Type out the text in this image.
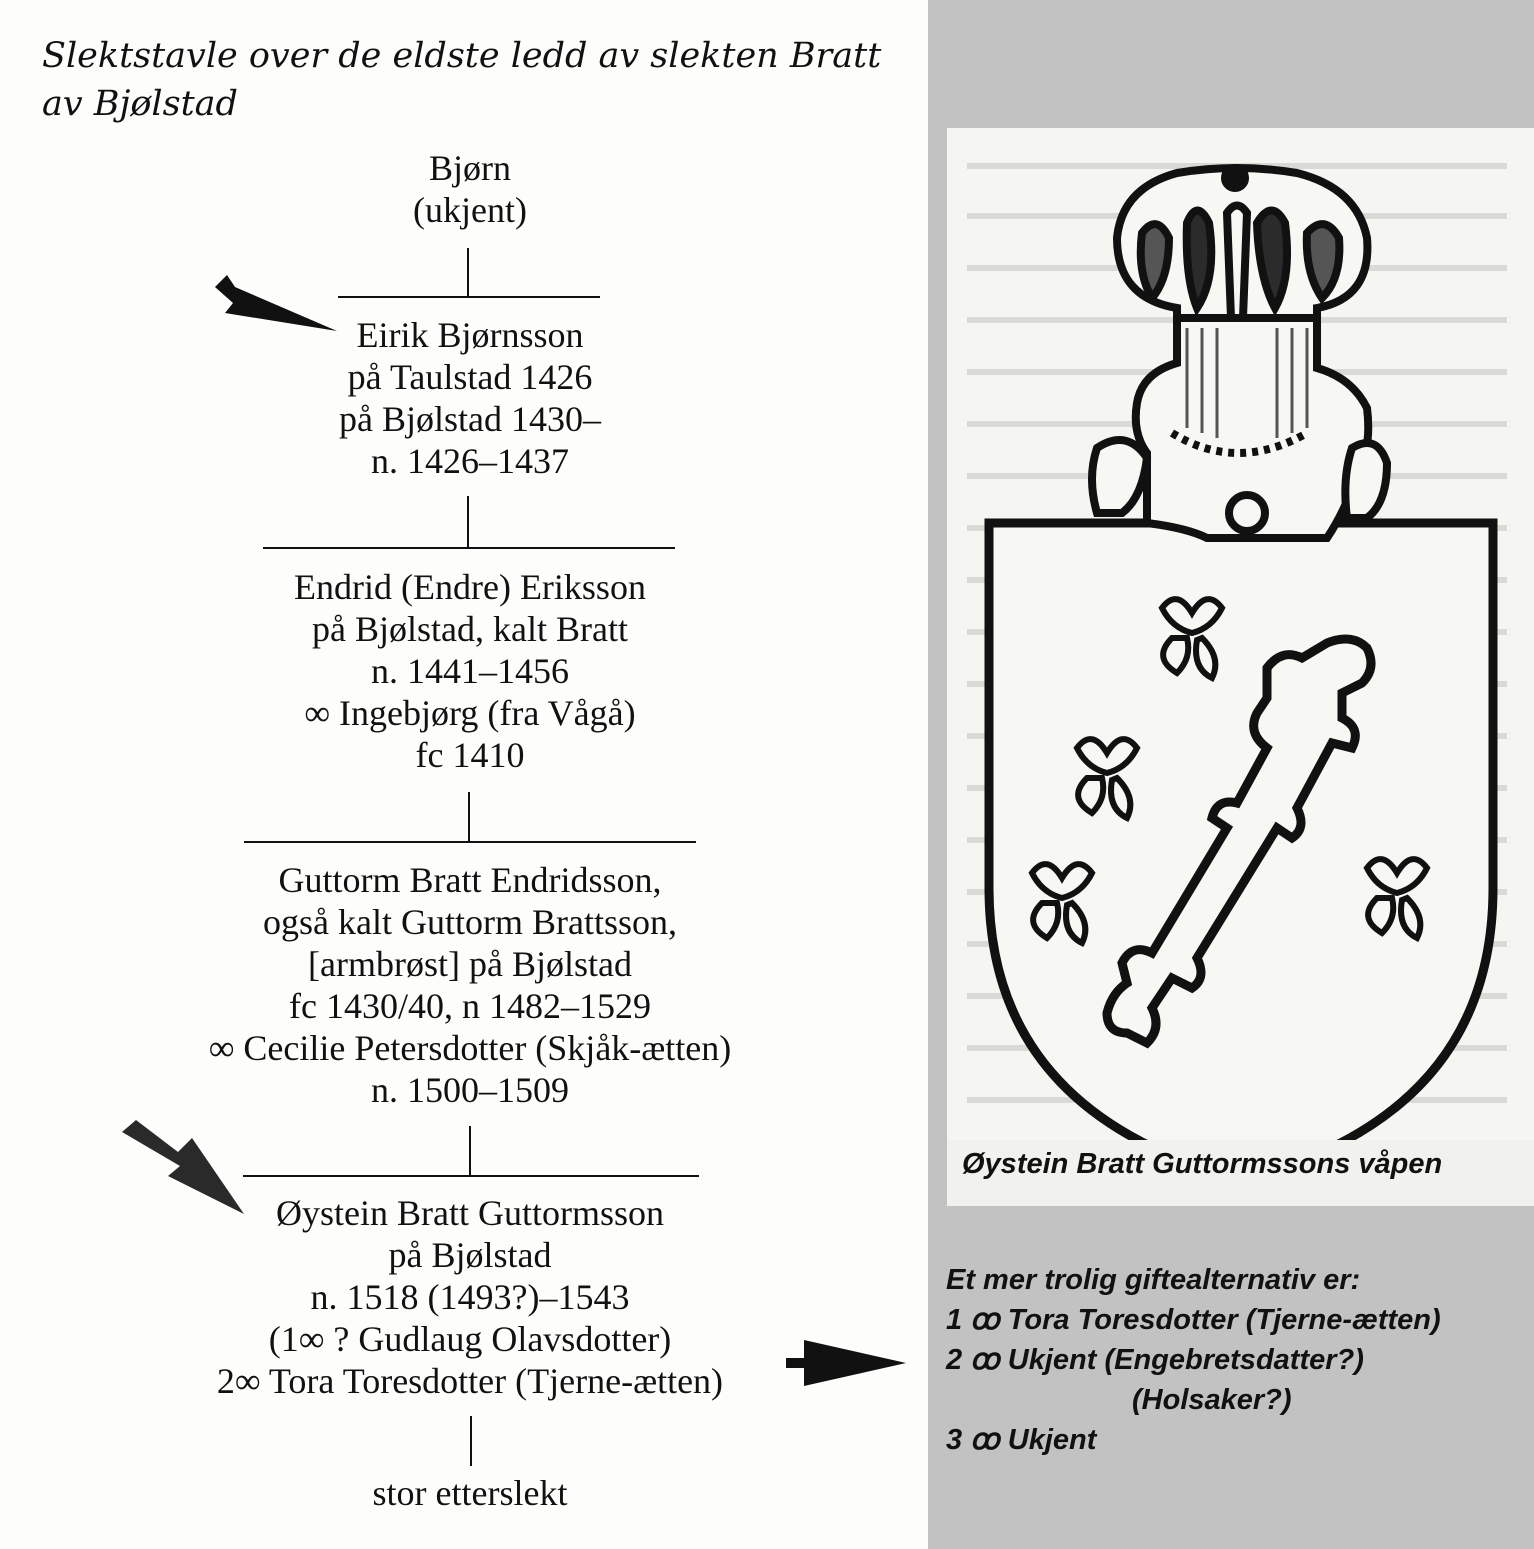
Slektstavle over de eldste ledd av slekten Bratt av Bjølstad
Bjørn
(ukjent)
Eirik Bjørnsson
på Taulstad 1426
på Bjølstad 1430–
n. 1426–1437
Endrid (Endre) Eriksson
på Bjølstad, kalt Bratt
n. 1441–1456
∞ Ingebjørg (fra Vågå)
fc 1410
Guttorm Bratt Endridsson,
også kalt Guttorm Brattsson,
[armbrøst] på Bjølstad
fc 1430/40, n 1482–1529
∞ Cecilie Petersdotter (Skjåk-ætten)
n. 1500–1509
Øystein Bratt Guttormsson
på Bjølstad
n. 1518 (1493?)–1543
(1∞ ? Gudlaug Olavsdotter)
2∞ Tora Toresdotter (Tjerne-ætten)
stor etterslekt

Øystein Bratt Guttormssons våpen
Et mer trolig giftealternativ er:
1 ꝏ Tora Toresdotter (Tjerne-ætten)
2 ꝏ Ukjent (Engebretsdatter?)
(Holsaker?)
3 ꝏ Ukjent
